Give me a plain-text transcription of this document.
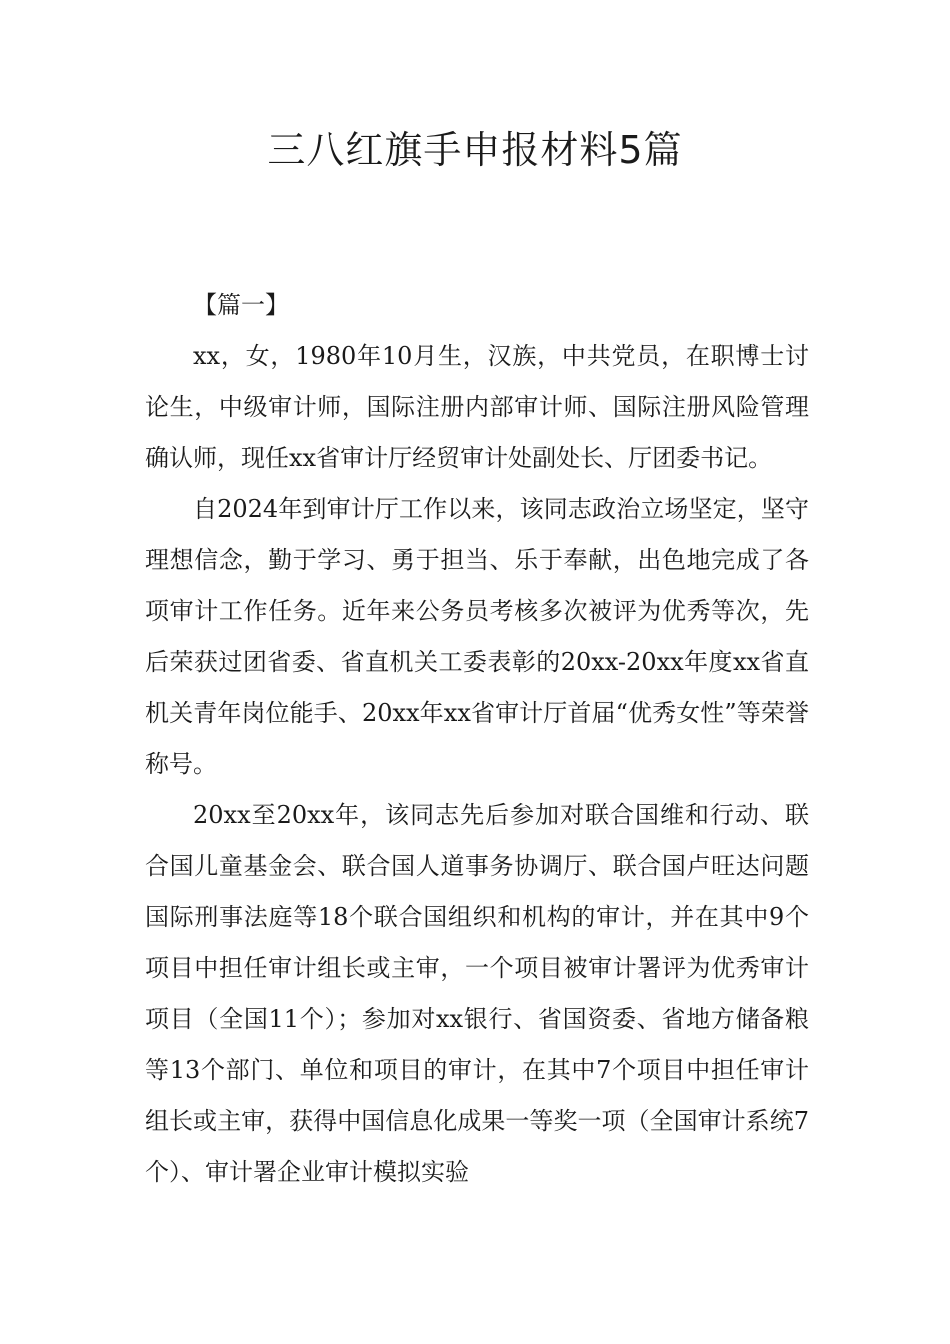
三八红旗手申报材料5篇
【篇一】

xx，女，1980年10月生，汉族，中共党员，在职博士讨论生，中级审计师，国际注册内部审计师、国际注册风险管理确认师，现任xx省审计厅经贸审计处副处长、厅团委书记。

自2024年到审计厅工作以来，该同志政治立场坚定，坚守理想信念，勤于学习、勇于担当、乐于奉献，出色地完成了各项审计工作任务。近年来公务员考核多次被评为优秀等次，先后荣获过团省委、省直机关工委表彰的20xx-20xx年度xx省直机关青年岗位能手、20xx年xx省审计厅首届“优秀女性”等荣誉称号。

20xx至20xx年，该同志先后参加对联合国维和行动、联合国儿童基金会、联合国人道事务协调厅、联合国卢旺达问题国际刑事法庭等18个联合国组织和机构的审计，并在其中9个项目中担任审计组长或主审，一个项目被审计署评为优秀审计项目（全国11个）；参加对xx银行、省国资委、省地方储备粮等13个部门、单位和项目的审计，在其中7个项目中担任审计组长或主审，获得中国信息化成果一等奖一项（全国审计系统7个）、审计署企业审计模拟实验
